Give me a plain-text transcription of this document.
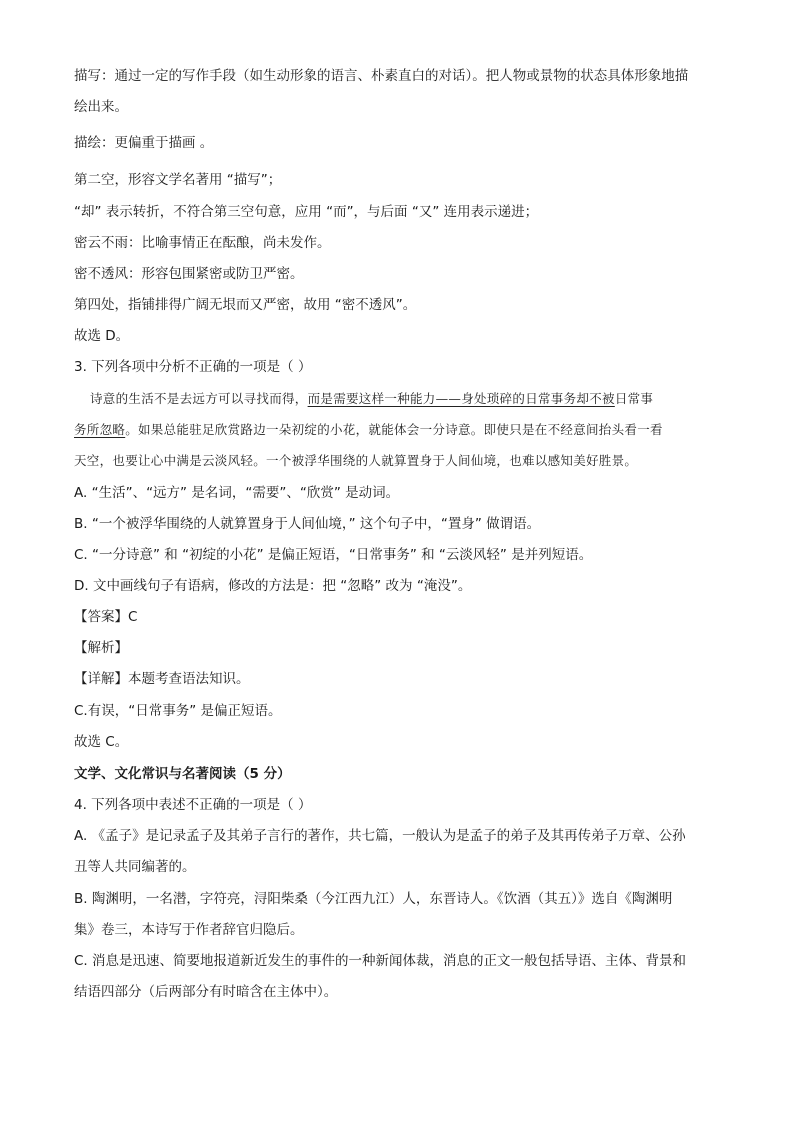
描写：通过一定的写作手段（如生动形象的语言、朴素直白的对话）。把人物或景物的状态具体形象地描
绘出来。
描绘：更偏重于描画 。
第二空，形容文学名著用 “描写”；
“却” 表示转折，不符合第三空句意，应用 “而”，与后面 “又” 连用表示递进；
密云不雨：比喻事情正在酝酿，尚未发作。
密不透风：形容包围紧密或防卫严密。
第四处，指铺排得广阔无垠而又严密，故用 “密不透风”。
故选 D。
3. 下列各项中分析不正确的一项是（ ）
诗意的生活不是去远方可以寻找而得，而是需要这样一种能力——身处琐碎的日常事务却不被日常事
务所忽略。如果总能驻足欣赏路边一朵初绽的小花，就能体会一分诗意。即使只是在不经意间抬头看一看
天空，也要让心中满是云淡风轻。一个被浮华围绕的人就算置身于人间仙境，也难以感知美好胜景。
A. “生活”、“远方” 是名词，“需要”、“欣赏” 是动词。
B. “一个被浮华围绕的人就算置身于人间仙境，” 这个句子中，“置身” 做谓语。
C. “一分诗意” 和 “初绽的小花” 是偏正短语，“日常事务” 和 “云淡风轻” 是并列短语。
D. 文中画线句子有语病，修改的方法是：把 “忽略” 改为 “淹没”。
【答案】C
【解析】
【详解】本题考查语法知识。
C.有误，“日常事务” 是偏正短语。
故选 C。
文学、文化常识与名著阅读（5 分）
4. 下列各项中表述不正确的一项是（ ）
A. 《孟子》是记录孟子及其弟子言行的著作，共七篇，一般认为是孟子的弟子及其再传弟子万章、公孙
丑等人共同编著的。
B. 陶渊明，一名潜，字符亮，浔阳柴桑（今江西九江）人，东晋诗人。《饮酒（其五）》选自《陶渊明
集》卷三，本诗写于作者辞官归隐后。
C. 消息是迅速、简要地报道新近发生的事件的一种新闻体裁，消息的正文一般包括导语、主体、背景和
结语四部分（后两部分有时暗含在主体中）。
